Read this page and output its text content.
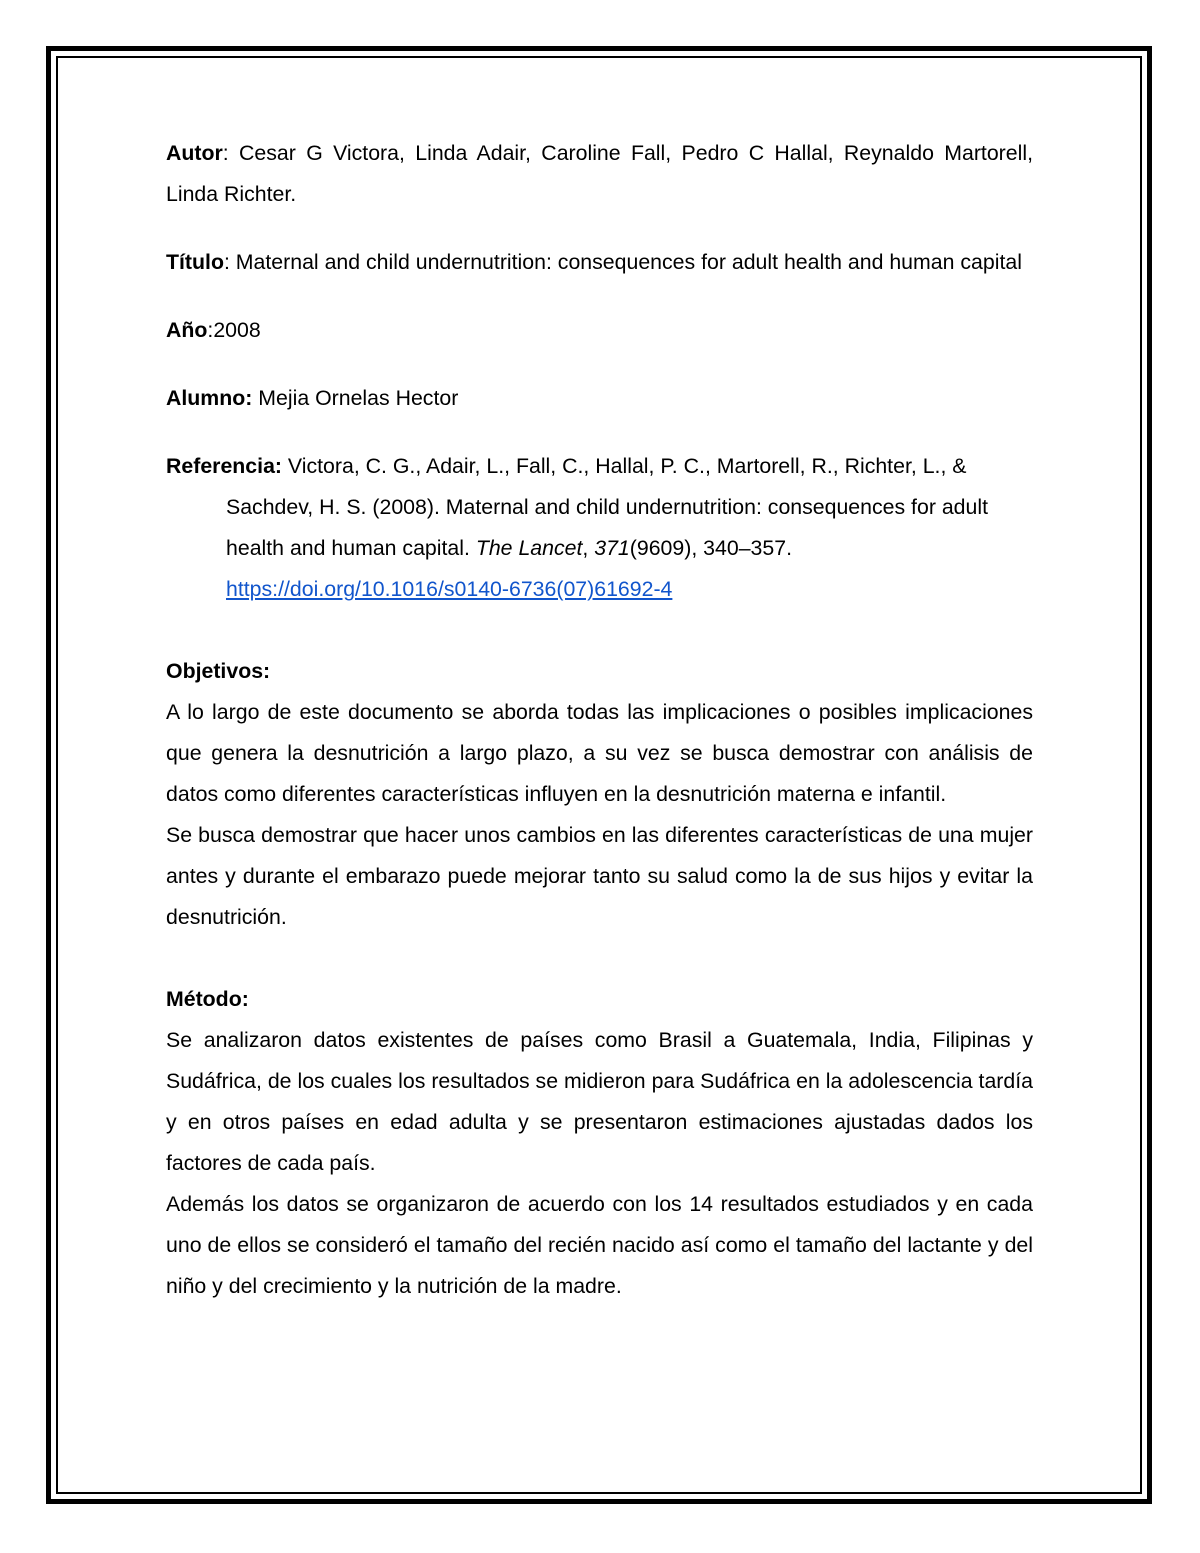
Autor: Cesar G Victora, Linda Adair, Caroline Fall, Pedro C Hallal, Reynaldo Martorell, Linda Richter.

Título: Maternal and child undernutrition: consequences for adult health and human capital

Año:2008

Alumno: Mejia Ornelas Hector

Referencia: Victora, C. G., Adair, L., Fall, C., Hallal, P. C., Martorell, R., Richter, L., & Sachdev, H. S. (2008). Maternal and child undernutrition: consequences for adult health and human capital. The Lancet, 371(9609), 340–357.
https://doi.org/10.1016/s0140-6736(07)61692-4

Objetivos:

A lo largo de este documento se aborda todas las implicaciones o posibles implicaciones que genera la desnutrición a largo plazo, a su vez se busca demostrar con análisis de datos como diferentes características influyen en la desnutrición materna e infantil.

Se busca demostrar que hacer unos cambios en las diferentes características de una mujer antes y durante el embarazo puede mejorar tanto su salud como la de sus hijos y evitar la desnutrición.

Método:

Se analizaron datos existentes de países como Brasil a Guatemala, India, Filipinas y Sudáfrica, de los cuales los resultados se midieron para Sudáfrica en la adolescencia tardía y en otros países en edad adulta y se presentaron estimaciones ajustadas dados los factores de cada país.

Además los datos se organizaron de acuerdo con los 14 resultados estudiados y en cada uno de ellos se consideró el tamaño del recién nacido así como el tamaño del lactante y del niño y del crecimiento y la nutrición de la madre.
